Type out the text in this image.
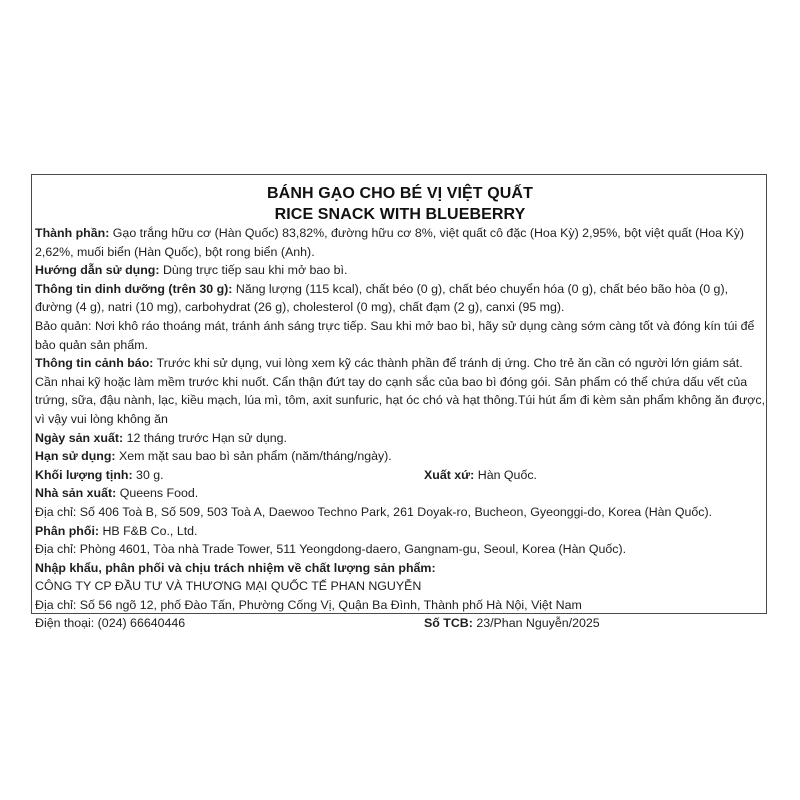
BÁNH GẠO CHO BÉ VỊ VIỆT QUẤT
RICE SNACK WITH BLUEBERRY

Thành phần: Gạo trắng hữu cơ (Hàn Quốc) 83,82%, đường hữu cơ 8%, việt quất cô đặc (Hoa Kỳ) 2,95%, bột việt quất (Hoa Kỳ) 2,62%, muối biển (Hàn Quốc), bột rong biển (Anh).

Hướng dẫn sử dụng: Dùng trực tiếp sau khi mở bao bì.

Thông tin dinh dưỡng (trên 30 g): Năng lượng (115 kcal), chất béo (0 g), chất béo chuyển hóa (0 g), chất béo bão hòa (0 g), đường (4 g), natri (10 mg), carbohydrat (26 g), cholesterol (0 mg), chất đạm (2 g), canxi (95 mg).

Bảo quản: Nơi khô ráo thoáng mát, tránh ánh sáng trực tiếp. Sau khi mở bao bì, hãy sử dụng càng sớm càng tốt và đóng kín túi để bảo quản sản phẩm.

Thông tin cảnh báo: Trước khi sử dụng, vui lòng xem kỹ các thành phần để tránh dị ứng. Cho trẻ ăn cần có người lớn giám sát. Cần nhai kỹ hoặc làm mềm trước khi nuốt. Cẩn thận đứt tay do cạnh sắc của bao bì đóng gói. Sản phẩm có thể chứa dấu vết của trứng, sữa, đậu nành, lạc, kiều mạch, lúa mì, tôm, axit sunfuric, hạt óc chó và hạt thông.Túi hút ẩm đi kèm sản phẩm không ăn được, vì vậy vui lòng không ăn

Ngày sản xuất: 12 tháng trước Hạn sử dụng.

Hạn sử dụng: Xem mặt sau bao bì sản phẩm (năm/tháng/ngày).

Khối lượng tịnh: 30 g.	Xuất xứ: Hàn Quốc.

Nhà sản xuất: Queens Food.

Địa chỉ: Số 406 Toà B, Số 509, 503 Toà A, Daewoo Techno Park, 261 Doyak-ro, Bucheon, Gyeonggi-do, Korea (Hàn Quốc).

Phân phối: HB F&B Co., Ltd.

Địa chỉ: Phòng 4601, Tòa nhà Trade Tower, 511 Yeongdong-daero, Gangnam-gu, Seoul, Korea (Hàn Quốc).

Nhập khẩu, phân phối và chịu trách nhiệm về chất lượng sản phẩm:

CÔNG TY CP ĐẦU TƯ VÀ THƯƠNG MẠI QUỐC TẾ PHAN NGUYỄN

Địa chỉ: Số 56 ngõ 12, phố Đào Tấn, Phường Cống Vị, Quận Ba Đình, Thành phố Hà Nội, Việt Nam

Điện thoại: (024) 66640446	Số TCB: 23/Phan Nguyễn/2025
